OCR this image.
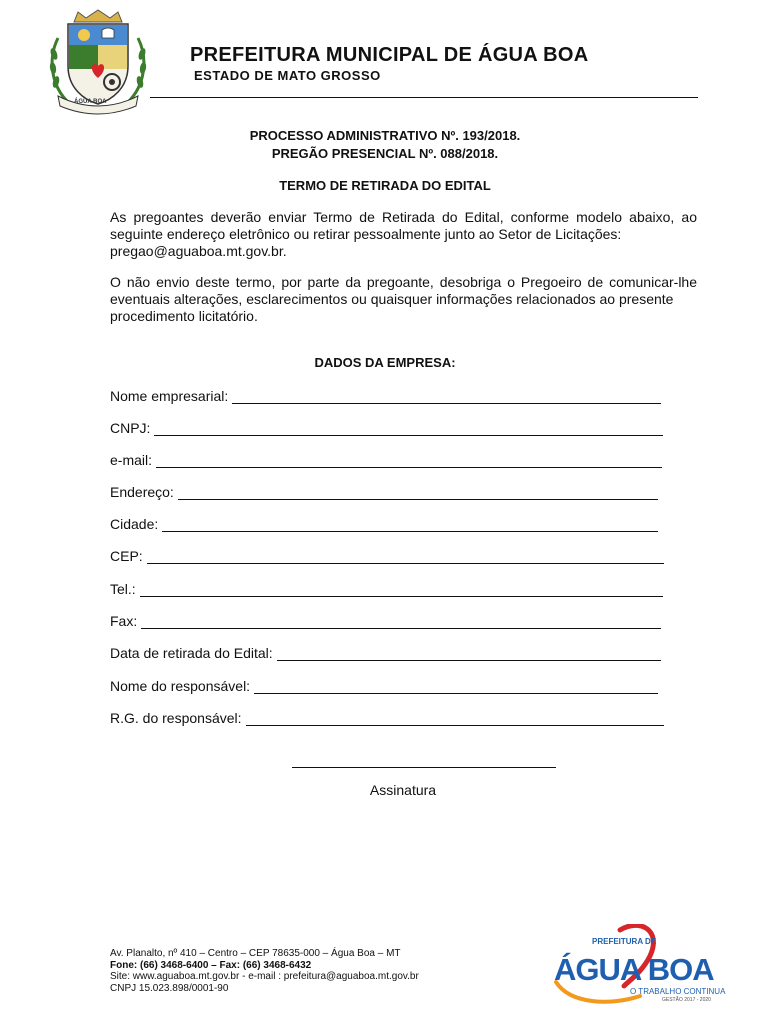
ÁGUA BOA
PREFEITURA MUNICIPAL DE ÁGUA BOA
ESTADO DE MATO GROSSO
PROCESSO ADMINISTRATIVO Nº. 193/2018.
PREGÃO PRESENCIAL Nº. 088/2018.
TERMO DE RETIRADA DO EDITAL
As pregoantes deverão enviar Termo de Retirada do Edital, conforme modelo abaixo, ao seguinte endereço eletrônico ou retirar pessoalmente junto ao Setor de Licitações:
pregao@aguaboa.mt.gov.br.
O não envio deste termo, por parte da pregoante, desobriga o Pregoeiro de comunicar-lhe eventuais alterações, esclarecimentos ou quaisquer informações relacionados ao presente
procedimento licitatório.
DADOS DA EMPRESA:
Nome empresarial:
CNPJ:
e-mail:
Endereço:
Cidade:
CEP:
Tel.:
Fax:
Data de retirada do Edital:
Nome do responsável:
R.G. do responsável:
Assinatura
Av. Planalto, nº 410 – Centro – CEP 78635-000 – Água Boa – MT
Fone: (66) 3468-6400 – Fax: (66) 3468-6432
Site: www.aguaboa.mt.gov.br - e-mail : prefeitura@aguaboa.mt.gov.br
CNPJ 15.023.898/0001-90
PREFEITURA DE
ÁGUA BOA
O TRABALHO CONTINUA
GESTÃO 2017 - 2020
